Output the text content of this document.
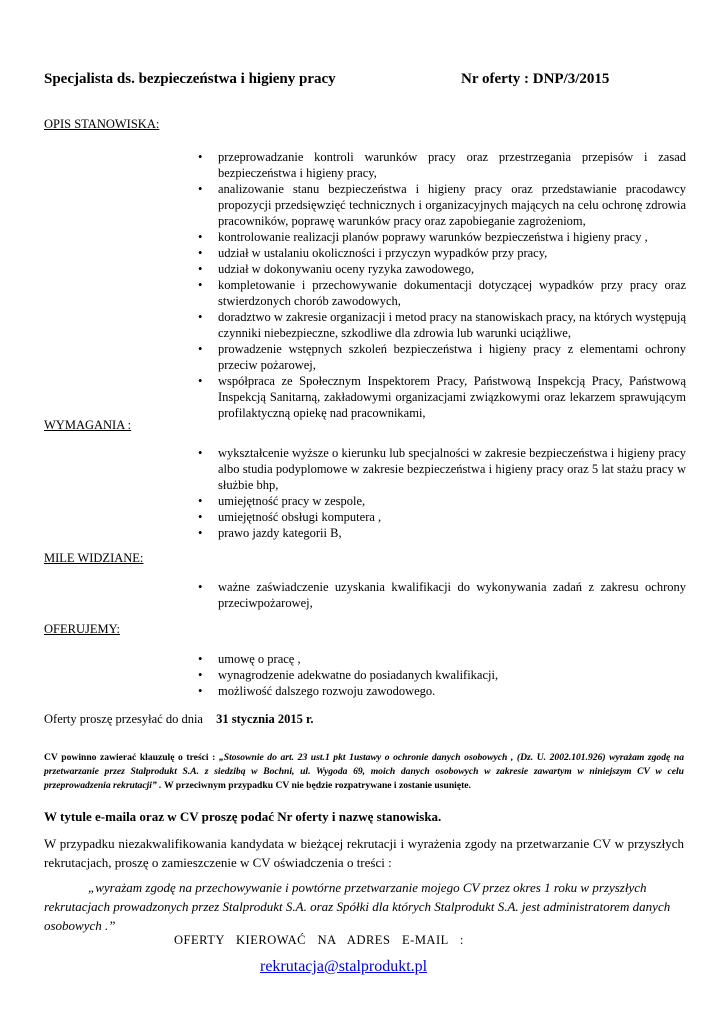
Specjalista ds. bezpieczeństwa i higieny pracy	Nr oferty : DNP/3/2015
OPIS STANOWISKA:
• przeprowadzanie kontroli warunków pracy oraz przestrzegania przepisów i zasad bezpieczeństwa i higieny pracy,
• analizowanie stanu bezpieczeństwa i higieny pracy oraz przedstawianie pracodawcy propozycji przedsięwzięć technicznych i organizacyjnych mających na celu ochronę zdrowia pracowników, poprawę warunków pracy oraz zapobieganie zagrożeniom,
• kontrolowanie realizacji planów poprawy warunków bezpieczeństwa i higieny pracy ,
• udział w ustalaniu okoliczności i przyczyn wypadków przy pracy,
• udział w dokonywaniu oceny ryzyka zawodowego,
• kompletowanie i przechowywanie dokumentacji dotyczącej wypadków przy pracy oraz stwierdzonych chorób zawodowych,
• doradztwo w zakresie organizacji i metod pracy na stanowiskach pracy, na których występują czynniki niebezpieczne, szkodliwe dla zdrowia lub warunki uciążliwe,
• prowadzenie wstępnych szkoleń bezpieczeństwa i higieny pracy z elementami ochrony przeciw pożarowej,
• współpraca ze Społecznym Inspektorem Pracy, Państwową Inspekcją Pracy, Państwową Inspekcją Sanitarną, zakładowymi organizacjami związkowymi oraz lekarzem sprawującym profilaktyczną opiekę nad pracownikami,
WYMAGANIA :
• wykształcenie wyższe o kierunku lub specjalności w zakresie bezpieczeństwa i higieny pracy albo studia podyplomowe w zakresie bezpieczeństwa i higieny pracy oraz 5 lat stażu pracy w służbie bhp,
• umiejętność pracy w zespole,
• umiejętność obsługi komputera ,
• prawo jazdy kategorii B,
MILE WIDZIANE:
• ważne zaświadczenie uzyskania kwalifikacji do wykonywania zadań z zakresu ochrony przeciwpożarowej,
OFERUJEMY:
• umowę o pracę ,
• wynagrodzenie adekwatne do posiadanych kwalifikacji,
• możliwość dalszego rozwoju zawodowego.
Oferty proszę przesyłać do dnia 31 stycznia 2015 r.
CV powinno zawierać klauzulę o treści : „Stosownie do art. 23 ust.1 pkt 1ustawy o ochronie danych osobowych , (Dz. U. 2002.101.926) wyrażam zgodę na przetwarzanie przez Stalprodukt S.A. z siedzibą w Bochni, ul. Wygoda 69, moich danych osobowych w zakresie zawartym w niniejszym CV w celu przeprowadzenia rekrutacji” . W przeciwnym przypadku CV nie będzie rozpatrywane i zostanie usunięte.
W tytule e-maila oraz w CV proszę podać Nr oferty i nazwę stanowiska.
W przypadku niezakwalifikowania kandydata w bieżącej rekrutacji i wyrażenia zgody na przetwarzanie CV w przyszłych rekrutacjach, proszę o zamieszczenie w CV oświadczenia o treści :
„wyrażam zgodę na przechowywanie i powtórne przetwarzanie mojego CV przez okres 1 roku w przyszłych rekrutacjach prowadzonych przez Stalprodukt S.A. oraz Spółki dla których Stalprodukt S.A. jest administratorem danych osobowych .”
OFERTY KIEROWAĆ NA ADRES E-MAIL :
rekrutacja@stalprodukt.pl
